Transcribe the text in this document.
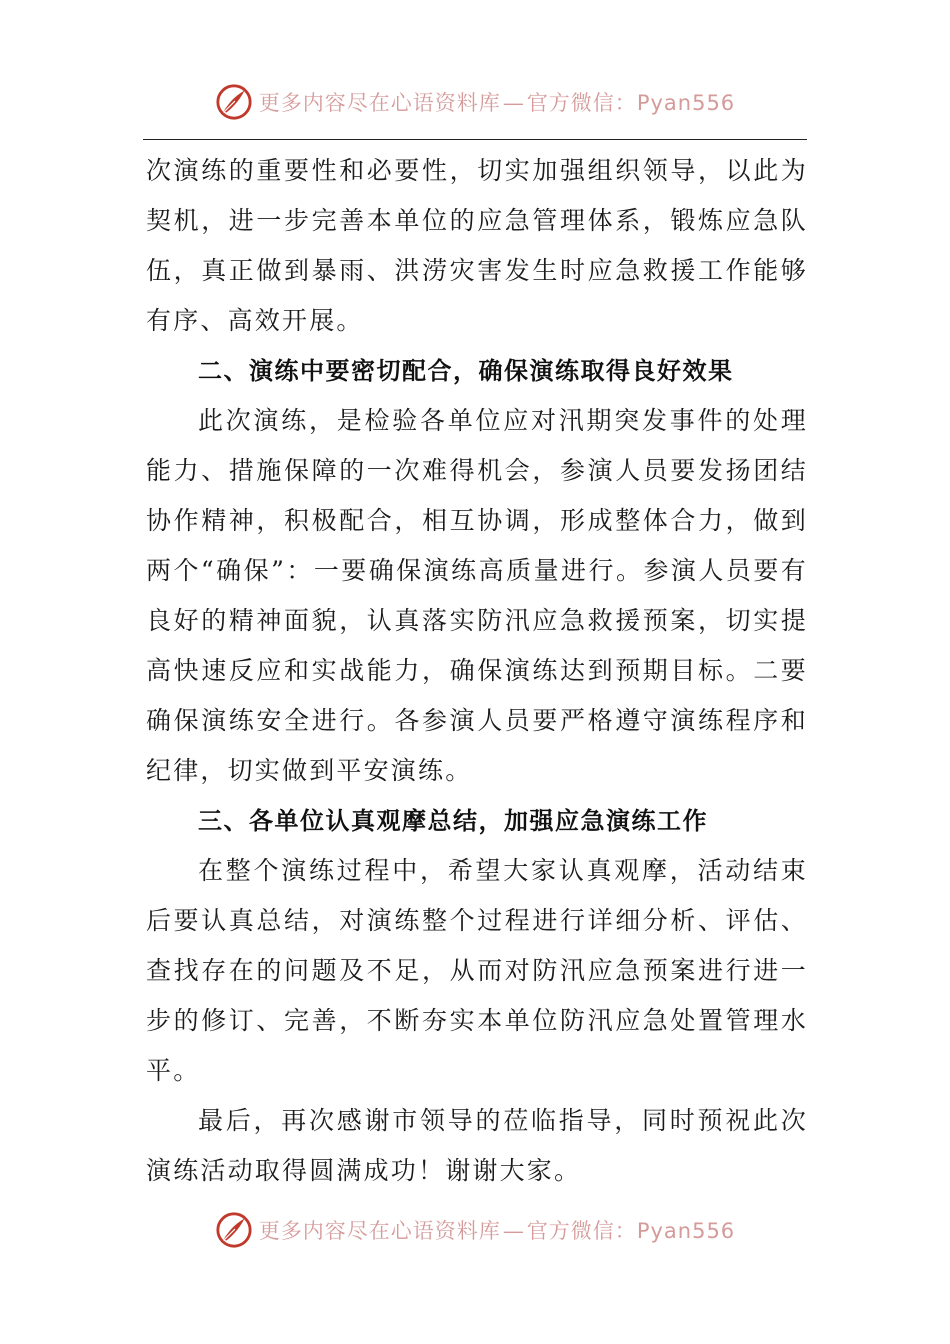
更多内容尽在心语资料库—官方微信：Pyan556

次演练的重要性和必要性，切实加强组织领导，以此为契机，进一步完善本单位的应急管理体系，锻炼应急队伍，真正做到暴雨、洪涝灾害发生时应急救援工作能够有序、高效开展。

二、演练中要密切配合，确保演练取得良好效果

此次演练，是检验各单位应对汛期突发事件的处理能力、措施保障的一次难得机会，参演人员要发扬团结协作精神，积极配合，相互协调，形成整体合力，做到两个“确保”：一要确保演练高质量进行。参演人员要有良好的精神面貌，认真落实防汛应急救援预案，切实提高快速反应和实战能力，确保演练达到预期目标。二要确保演练安全进行。各参演人员要严格遵守演练程序和纪律，切实做到平安演练。

三、各单位认真观摩总结，加强应急演练工作

在整个演练过程中，希望大家认真观摩，活动结束后要认真总结，对演练整个过程进行详细分析、评估、查找存在的问题及不足，从而对防汛应急预案进行进一步的修订、完善，不断夯实本单位防汛应急处置管理水平。

最后，再次感谢市领导的莅临指导，同时预祝此次演练活动取得圆满成功！谢谢大家。

更多内容尽在心语资料库—官方微信：Pyan556
